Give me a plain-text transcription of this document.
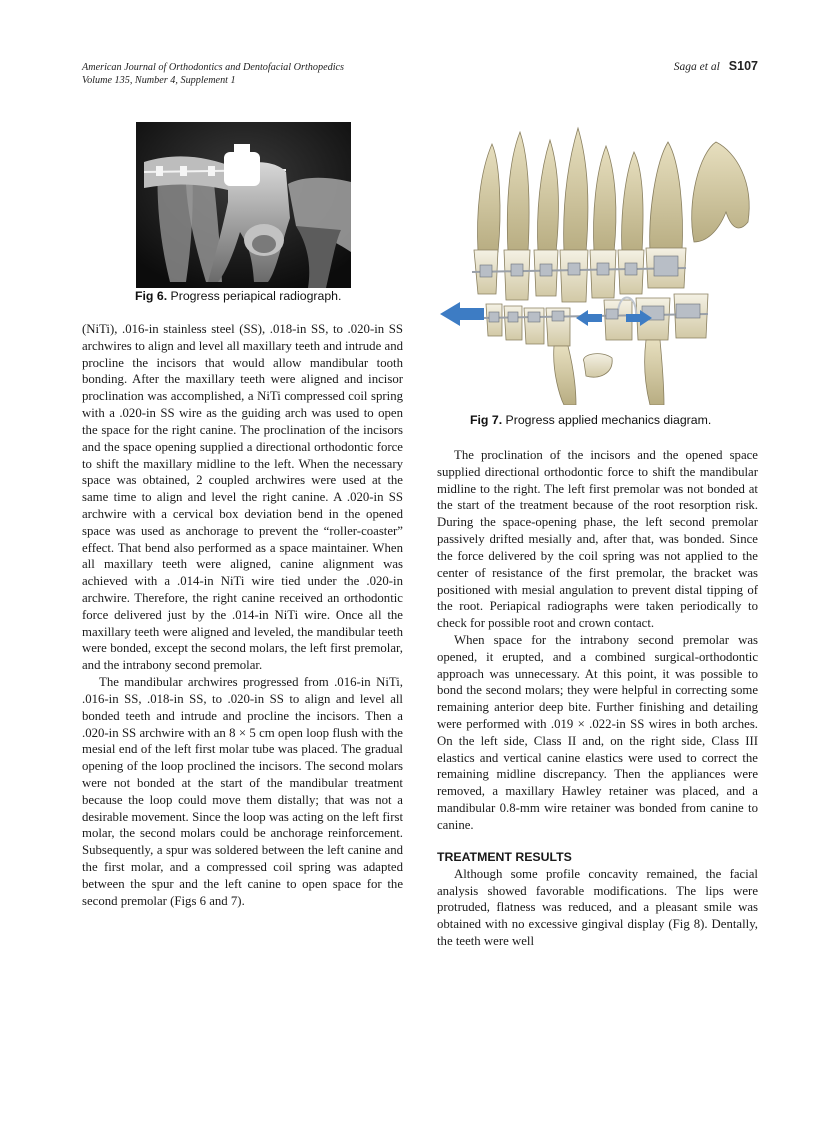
American Journal of Orthodontics and Dentofacial Orthopedics
Volume 135, Number 4, Supplement 1
Saga et al S107
Fig 6. Progress periapical radiograph.
Fig 7. Progress applied mechanics diagram.

(NiTi), .016-in stainless steel (SS), .018-in SS, to .020-in SS archwires to align and level all maxillary teeth and intrude and procline the incisors that would allow mandibular tooth bonding. After the maxillary teeth were aligned and incisor proclination was accomplished, a NiTi compressed coil spring with a .020-in SS wire as the guiding arch was used to open the space for the right canine. The proclination of the incisors and the space opening supplied a directional orthodontic force to shift the maxillary midline to the left. When the necessary space was obtained, 2 coupled archwires were used at the same time to align and level the right canine. A .020-in SS archwire with a cervical box deviation bend in the opened space was used as anchorage to prevent the “roller-coaster” effect. That bend also performed as a space maintainer. When all maxillary teeth were aligned, canine alignment was achieved with a .014-in NiTi wire tied under the .020-in archwire. Therefore, the right canine received an orthodontic force delivered just by the .014-in NiTi wire. Once all the maxillary teeth were aligned and leveled, the mandibular teeth were bonded, except the second molars, the left first premolar, and the intrabony second premolar.

The mandibular archwires progressed from .016-in NiTi, .016-in SS, .018-in SS, to .020-in SS to align and level all bonded teeth and intrude and procline the incisors. Then a .020-in SS archwire with an 8 × 5 cm open loop flush with the mesial end of the left first molar tube was placed. The gradual opening of the loop proclined the incisors. The second molars were not bonded at the start of the mandibular treatment because the loop could move them distally; that was not a desirable movement. Since the loop was acting on the left first molar, the second molars could be anchorage reinforcement. Subsequently, a spur was soldered between the left canine and the first molar, and a compressed coil spring was adapted between the spur and the left canine to open space for the second premolar (Figs 6 and 7).

The proclination of the incisors and the opened space supplied directional orthodontic force to shift the mandibular midline to the right. The left first premolar was not bonded at the start of the treatment because of the root resorption risk. During the space-opening phase, the left second premolar passively drifted mesially and, after that, was bonded. Since the force delivered by the coil spring was not applied to the center of resistance of the first premolar, the bracket was positioned with mesial angulation to prevent distal tipping of the root. Periapical radiographs were taken periodically to check for possible root and crown contact.

When space for the intrabony second premolar was opened, it erupted, and a combined surgical-orthodontic approach was unnecessary. At this point, it was possible to bond the second molars; they were helpful in correcting some remaining anterior deep bite. Further finishing and detailing were performed with .019 × .022-in SS wires in both arches. On the left side, Class II and, on the right side, Class III elastics and vertical canine elastics were used to correct the remaining midline discrepancy. Then the appliances were removed, a maxillary Hawley retainer was placed, and a mandibular 0.8-mm wire retainer was bonded from canine to canine.

TREATMENT RESULTS

Although some profile concavity remained, the facial analysis showed favorable modifications. The lips were protruded, flatness was reduced, and a pleasant smile was obtained with no excessive gingival display (Fig 8). Dentally, the teeth were well
